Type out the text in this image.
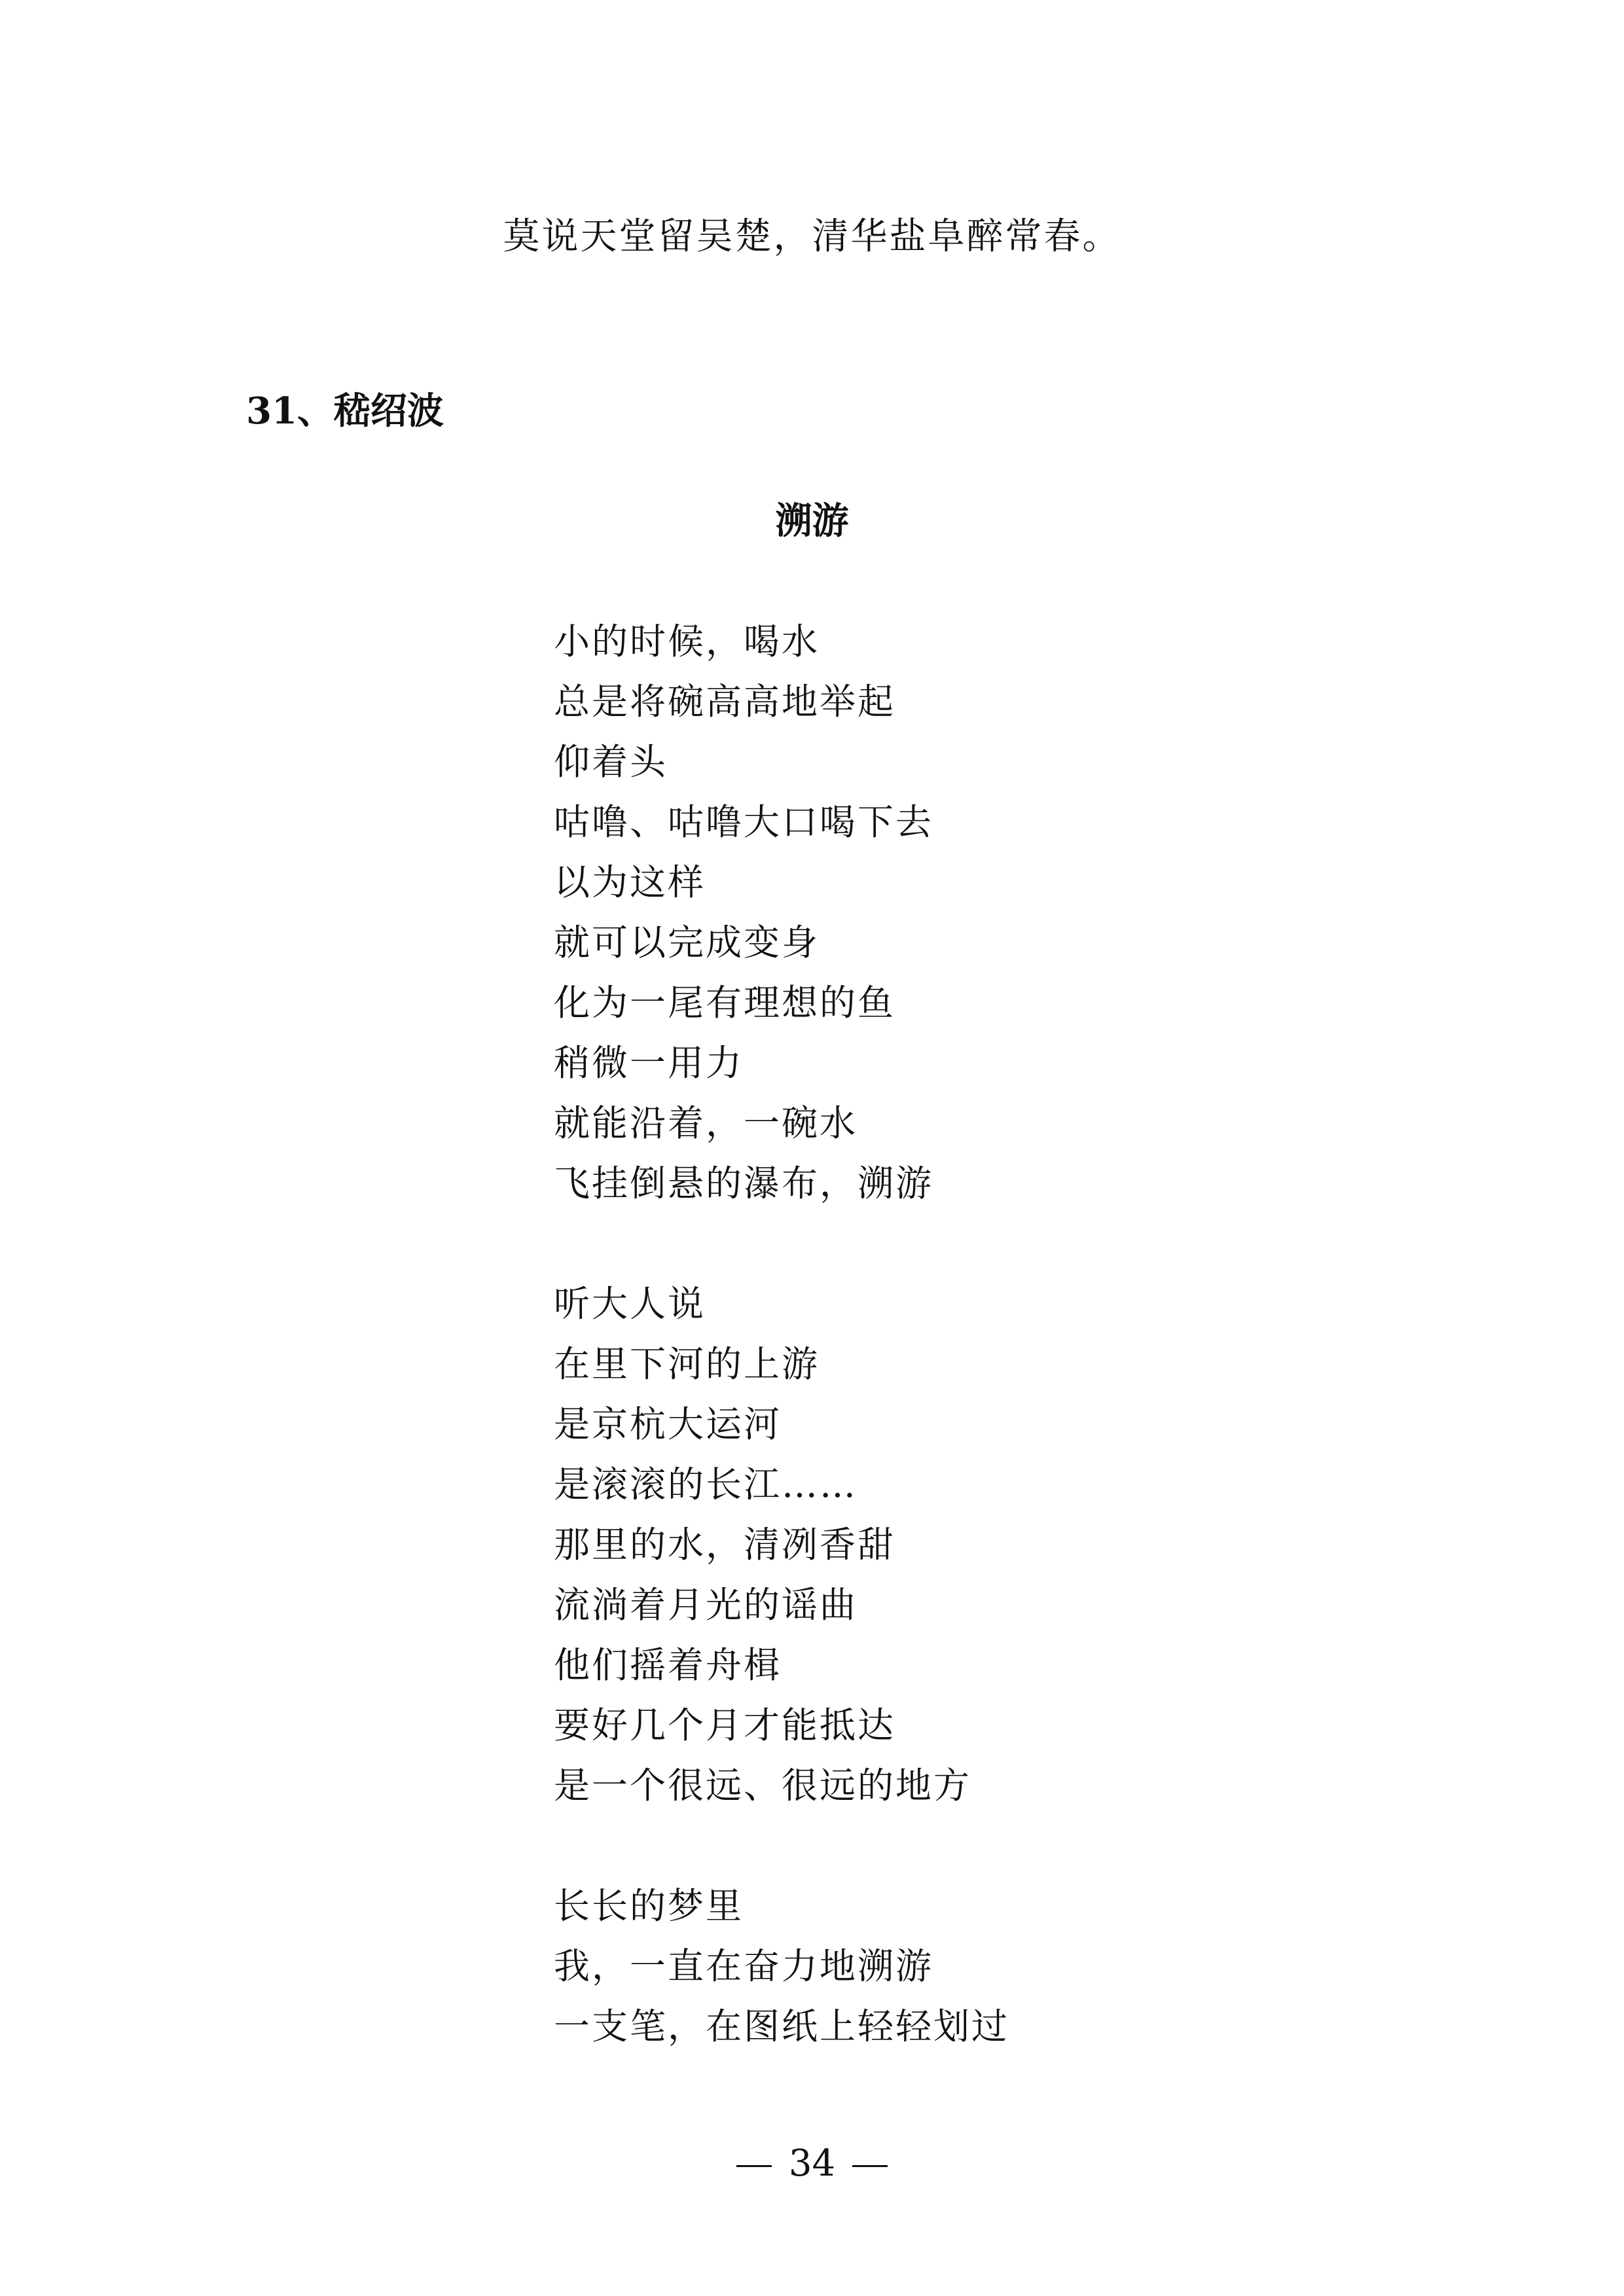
莫说天堂留吴楚，清华盐阜醉常春。
31、嵇绍波
溯游
小的时候，喝水
总是将碗高高地举起
仰着头
咕噜、咕噜大口喝下去
以为这样
就可以完成变身
化为一尾有理想的鱼
稍微一用力
就能沿着，一碗水
飞挂倒悬的瀑布，溯游
听大人说
在里下河的上游
是京杭大运河
是滚滚的长江……
那里的水，清冽香甜
流淌着月光的谣曲
他们摇着舟楫
要好几个月才能抵达
是一个很远、很远的地方
长长的梦里
我，一直在奋力地溯游
一支笔，在图纸上轻轻划过
34
